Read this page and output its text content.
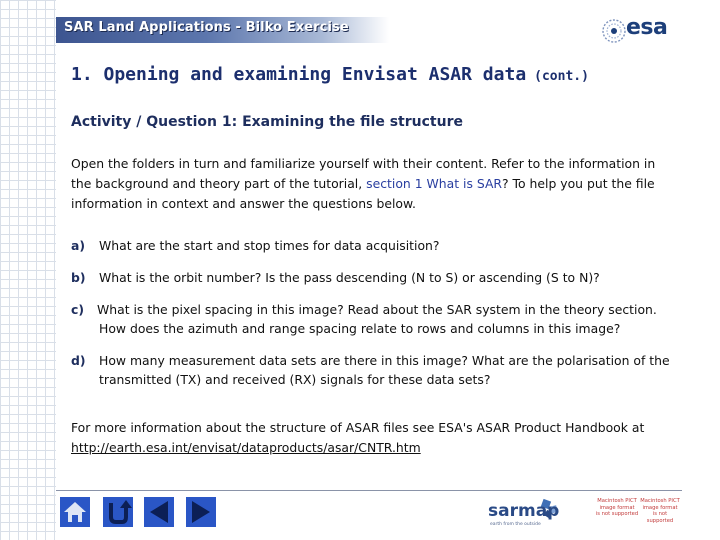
SAR Land Applications - Bilko Exercise	esa
1. Opening and examining Envisat ASAR data (cont.)
Activity / Question 1: Examining the file structure
Open the folders in turn and familiarize yourself with their content. Refer to the information in the background and theory part of the tutorial, section 1 What is SAR? To help you put the file information in context and answer the questions below.
a) What are the start and stop times for data acquisition?
b) What is the orbit number? Is the pass descending (N to S) or ascending (S to N)?
c) What is the pixel spacing in this image? Read about the SAR system in the theory section.
How does the azimuth and range spacing relate to rows and columns in this image?
d) How many measurement data sets are there in this image? What are the polarisation of the
transmitted (TX) and received (RX) signals for these data sets?
For more information about the structure of ASAR files see ESA's ASAR Product Handbook at
http://earth.esa.int/envisat/dataproducts/asar/CNTR.htm
sarmap
earth from the outside
Macintosh PICT
image format
is not supported
Macintosh PICT
image format
is not supported
